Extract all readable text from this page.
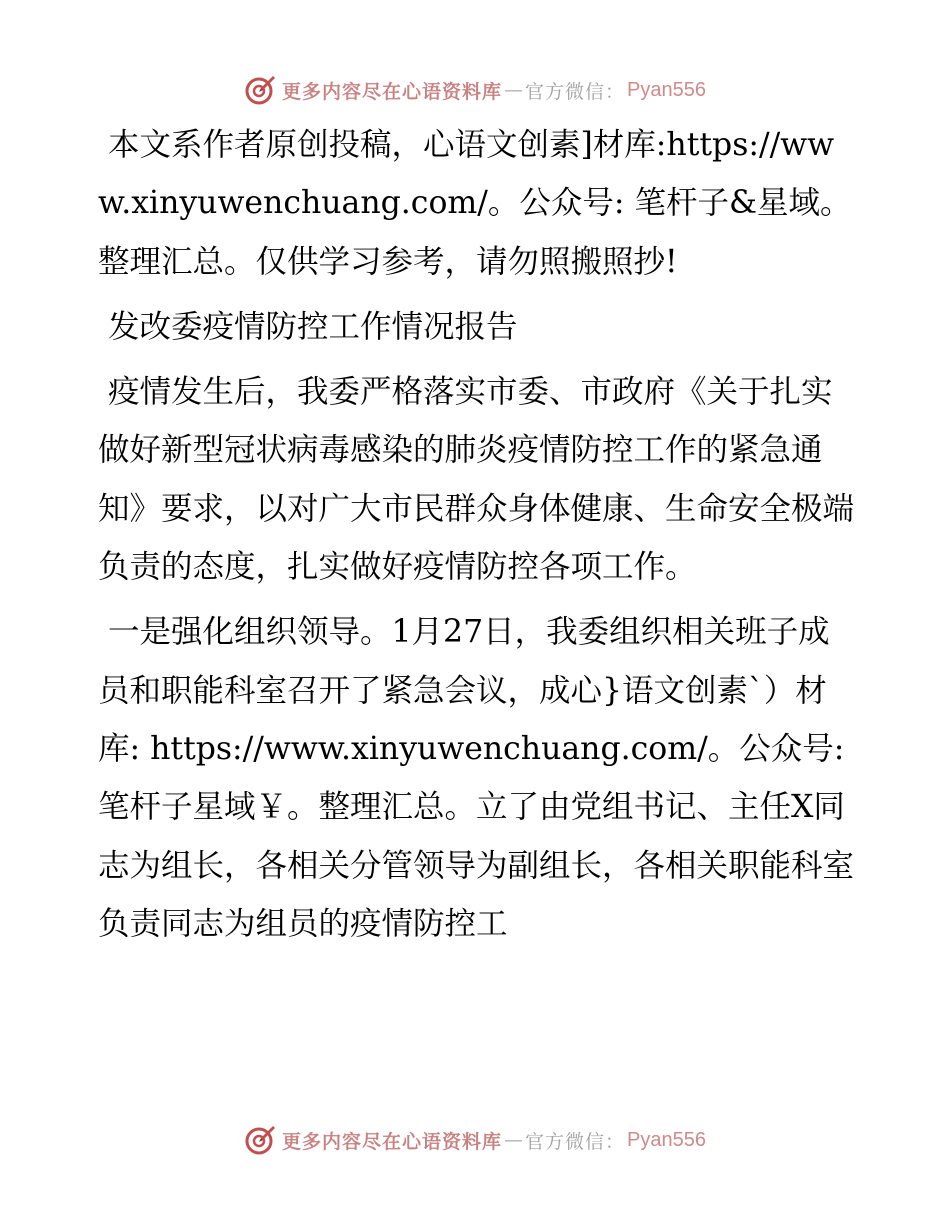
更多内容尽在心语资料库 — 官方微信： Pyan556

本文系作者原创投稿，心语文创素]材库:https://www.xinyuwenchuang.com/。公众号: 笔杆子&星域。整理汇总。仅供学习参考，请勿照搬照抄!

发改委疫情防控工作情况报告

疫情发生后，我委严格落实市委、市政府《关于扎实做好新型冠状病毒感染的肺炎疫情防控工作的紧急通知》要求，以对广大市民群众身体健康、生命安全极端负责的态度，扎实做好疫情防控各项工作。

一是强化组织领导。1月27日，我委组织相关班子成员和职能科室召开了紧急会议，成心}语文创素`）材库: https://www.xinyuwenchuang.com/。公众号: 笔杆子星域￥。整理汇总。立了由党组书记、主任X同志为组长，各相关分管领导为副组长，各相关职能科室负责同志为组员的疫情防控工

更多内容尽在心语资料库 — 官方微信： Pyan556
